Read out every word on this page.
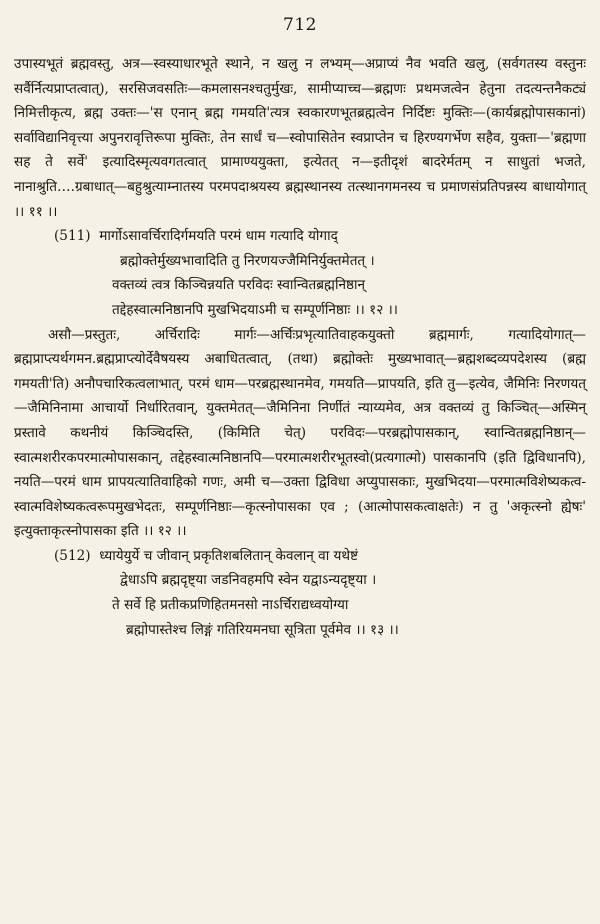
712

उपास्यभूतं ब्रह्मवस्तु, अत्र—स्वस्याधारभूते स्थाने, न खलु न लभ्यम्—अप्राप्यं नैव भवति खलु, (सर्वगतस्य वस्तुनः सर्वैर्नित्यप्राप्तत्वात्), सरसिजवसतिः—कमलासनश्चतुर्मुखः, सामीप्याच्च—ब्रह्मणः प्रथमजत्वेन हेतुना तदत्यन्तनैकट्यं निमित्तीकृत्य, ब्रह्म उक्तः—'स एनान् ब्रह्म गमयति'त्यत्र स्वकारणभूतब्रह्मत्वेन निर्दिष्टः मुक्तिः—(कार्यब्रह्मोपासकानां) सर्वाविद्यानिवृत्त्या अपुनरावृत्तिरूपा मुक्तिः, तेन सार्धं च—स्वोपासितेन स्वप्राप्तेन च हिरण्यगर्भेण सहैव, युक्ता—'ब्रह्मणा सह ते सर्वे' इत्यादिस्मृत्यवगतत्वात् प्रामाण्ययुक्ता, इत्येतत् न—इतीदृशं बादरेर्मतम् न साधुतां भजते, नानाश्रुति….ग्रबाधात्—बहुश्रुत्याम्नातस्य परमपदाश्रयस्य ब्रह्मस्थानस्य तत्स्थानगमनस्य च प्रमाणसंप्रतिपन्नस्य बाधायोगात् ।। ११ ।।

(511) मार्गोऽसावर्चिरादिर्गमयति परमं धाम गत्यादि योगाद्
ब्रह्मोक्तेर्मुख्यभावादिति तु निरणयज्जैमिनिर्युक्तमेतत् ।
वक्तव्यं त्वत्र किञ्चिन्नयति परविदः स्वान्वितब्रह्मनिष्ठान्
तद्देहस्वात्मनिष्ठानपि मुखभिदयाऽमी च सम्पूर्णनिष्ठाः ।। १२ ।।

असौ—प्रस्तुतः, अर्चिरादिः मार्गः—अर्चिःप्रभृत्यातिवाहकयुक्तो ब्रह्ममार्गः, गत्यादियोगात्—ब्रह्मप्राप्त्यर्थगमन.ब्रह्मप्राप्त्योर्देवैषयस्य अबाधितत्वात्, (तथा) ब्रह्मोक्तेः मुख्यभावात्—ब्रह्मशब्दव्यपदेशस्य (ब्रह्म गमयती'ति) अनौपचारिकत्वलाभात्, परमं धाम—परब्रह्मस्थानमेव, गमयति—प्रापयति, इति तु—इत्येव, जैमिनिः निरणयत्—जैमिनिनामा आचार्यो निर्धारितवान्, युक्तमेतत्—जैमिनिना निर्णीतं न्याय्यमेव, अत्र वक्तव्यं तु किञ्चित्—अस्मिन् प्रस्तावे कथनीयं किञ्चिदस्ति, (किमिति चेत्) परविदः—परब्रह्मोपासकान्, स्वान्वितब्रह्मनिष्ठान्—स्वात्मशरीरकपरमात्मोपासकान्, तद्देहस्वात्मनिष्ठानपि—परमात्मशरीरभूतस्वो(प्रत्यगात्मो) पासकानपि (इति द्विविधानपि), नयति—परमं धाम प्रापयत्यातिवाहिको गणः, अमी च—उक्ता द्विविधा अप्युपासकाः, मुखभिदया—परमात्मविशेष्यकत्व-स्वात्मविशेष्यकत्वरूपमुखभेदतः, सम्पूर्णनिष्ठाः—कृत्स्नोपासका एव ; (आत्मोपासकत्वाक्षतेः) न तु 'अकृत्स्नो ह्येषः' इत्युक्ताकृत्स्नोपासका इति ।। १२ ।।

(512) ध्यायेयुर्ये च जीवान् प्रकृतिशबलितान् केवलान् वा यथेष्टं
द्वेधाऽपि ब्रह्मदृष्ट्या जडनिवहमपि स्वेन यद्वाऽन्यदृष्ट्या ।
ते सर्वे हि प्रतीकप्रणिहितमनसो नाऽर्चिराद्यध्वयोग्या
ब्रह्मोपास्तेश्च लिङ्गं गतिरियमनघा सूत्रिता पूर्वमेव ।। १३ ।।
